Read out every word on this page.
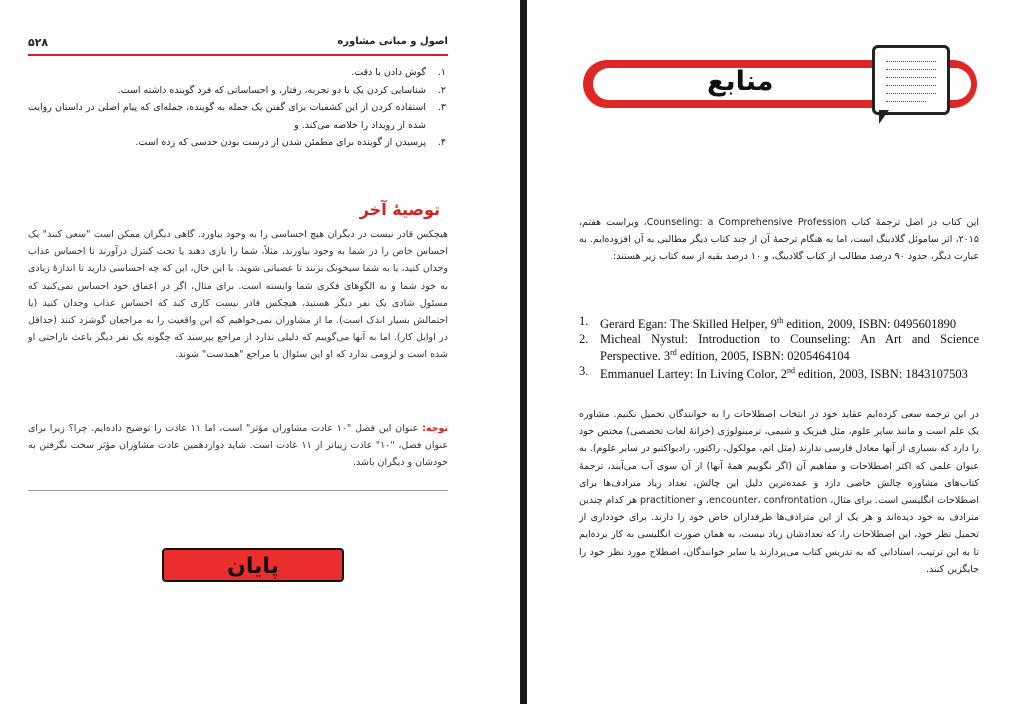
اصول و مبانی مشاوره
۵۲۸
۱.
گوش دادن با دقت.
۲.
شناسایی کردن یک یا دو تجربه، رفتار، و احساساتی که فرد گوینده داشته است.
۳.
استفاده کردن از این کشفیات برای گفتن یک جمله به گوینده، جمله‌ای که پیام اصلی در داستان روایت شده از رویداد را خلاصه می‌کند. و
۴.
پرسیدن از گوینده برای مطمئن شدن از درست بودن حدسی که زده است.
توصیهٔ آخر

هیچکس قادر نیست در دیگران هیچ احساسی را به وجود بیاورد. گاهی دیگران ممکن است "سعی کنند" یک احساس خاص را در شما به وجود بیاورند، مثلاً، شما را بازی دهند یا تحت کنترل درآورند تا احساس عذاب وجدان کنید، یا به شما سیخونک بزنند تا عصبانی شوید. با این حال، این که چه احساسی دارید تا اندازهٔ زیادی به خود شما و به الگوهای فکری شما وابسته است. برای مثال، اگر در اعماق خود احساس نمی‌کنید که مسئول شادی یک نفر دیگر هستید، هیچکس قادر نیست کاری کند که احساس عذاب وجدان کنید (یا احتمالش بسیار اندک است). ما از مشاوران نمی‌خواهیم که این واقعیت را به مراجعان گوشزد کنند (حداقل در اوایل کار). اما به آنها می‌گوییم که دلیلی ندارد از مراجع بپرسند که چگونه یک نفر دیگر باعث ناراحتی او شده است و لزومی ندارد که او این سئوال یا مراجع "همدست" شوند.

توجه: عنوان این فصل "۱۰ عادت مشاوران مؤثر" است، اما ۱۱ عادت را توضیح داده‌ایم. چرا؟ زیرا برای عنوان فصل، "۱۰" عادت زیباتر از ۱۱ عادت است. شاید دوازدهمین عادت مشاوران مؤثر سخت نگرفتن به خودشان و دیگران باشد.

پایان
منابع

این کتاب در اصل ترجمهٔ کتاب Counseling: a Comprehensive Profession، ویراست هفتم، ۲۰۱۵، اثر ساموئل گلادینگ است، اما به هنگام ترجمهٔ آن از چند کتاب دیگر مطالبی به آن افزوده‌ایم. به عبارت دیگر، حدود ۹۰ درصد مطالب از کتاب گلادینگ، و ۱۰ درصد بقیه از سه کتاب زیر هستند:

1. Gerard Egan: The Skilled Helper, 9th edition, 2009, ISBN: 0495601890
2. Micheal Nystul: Introduction to Counseling: An Art and Science Perspective. 3rd edition, 2005, ISBN: 0205464104
3. Emmanuel Lartey: In Living Color, 2nd edition, 2003, ISBN: 1843107503

در این ترجمه سعی کرده‌ایم عقاید خود در انتخاب اصطلاحات را به خوانندگان تحمیل نکنیم. مشاوره یک علم است و مانند سایر علوم، مثل فیزیک و شیمی، ترمینولوژی (خزانهٔ لغات تخصصی) مختص خود را دارد که بسیاری از آنها معادل فارسی ندارند (مثل اتم، مولکول، راکتور، رادیواکتیو در سایر علوم). به عنوان علمی که اکثر اصطلاحات و مفاهیم آن (اگر نگوییم همهٔ آنها) از آن سوی آب می‌آیند، ترجمهٔ کتاب‌های مشاوره چالش خاصی دارد و عمده‌ترین دلیل این چالش، تعداد زیاد مترادف‌ها برای اصطلاحات انگلیسی است. برای مثال، encounter، confrontation، و practitioner هر کدام چندین مترادف به خود دیده‌اند و هر یک از این مترادف‌ها طرفداران خاص خود را دارند. برای خودداری از تحمیل نظر خود، این اصطلاحات را، که تعدادشان زیاد نیست، به همان صورت انگلیسی به کار برده‌ایم تا به این ترتیب، استادانی که به تدریس کتاب می‌پردازند یا سایر خوانندگان، اصطلاح مورد نظر خود را جایگزین کنند.
